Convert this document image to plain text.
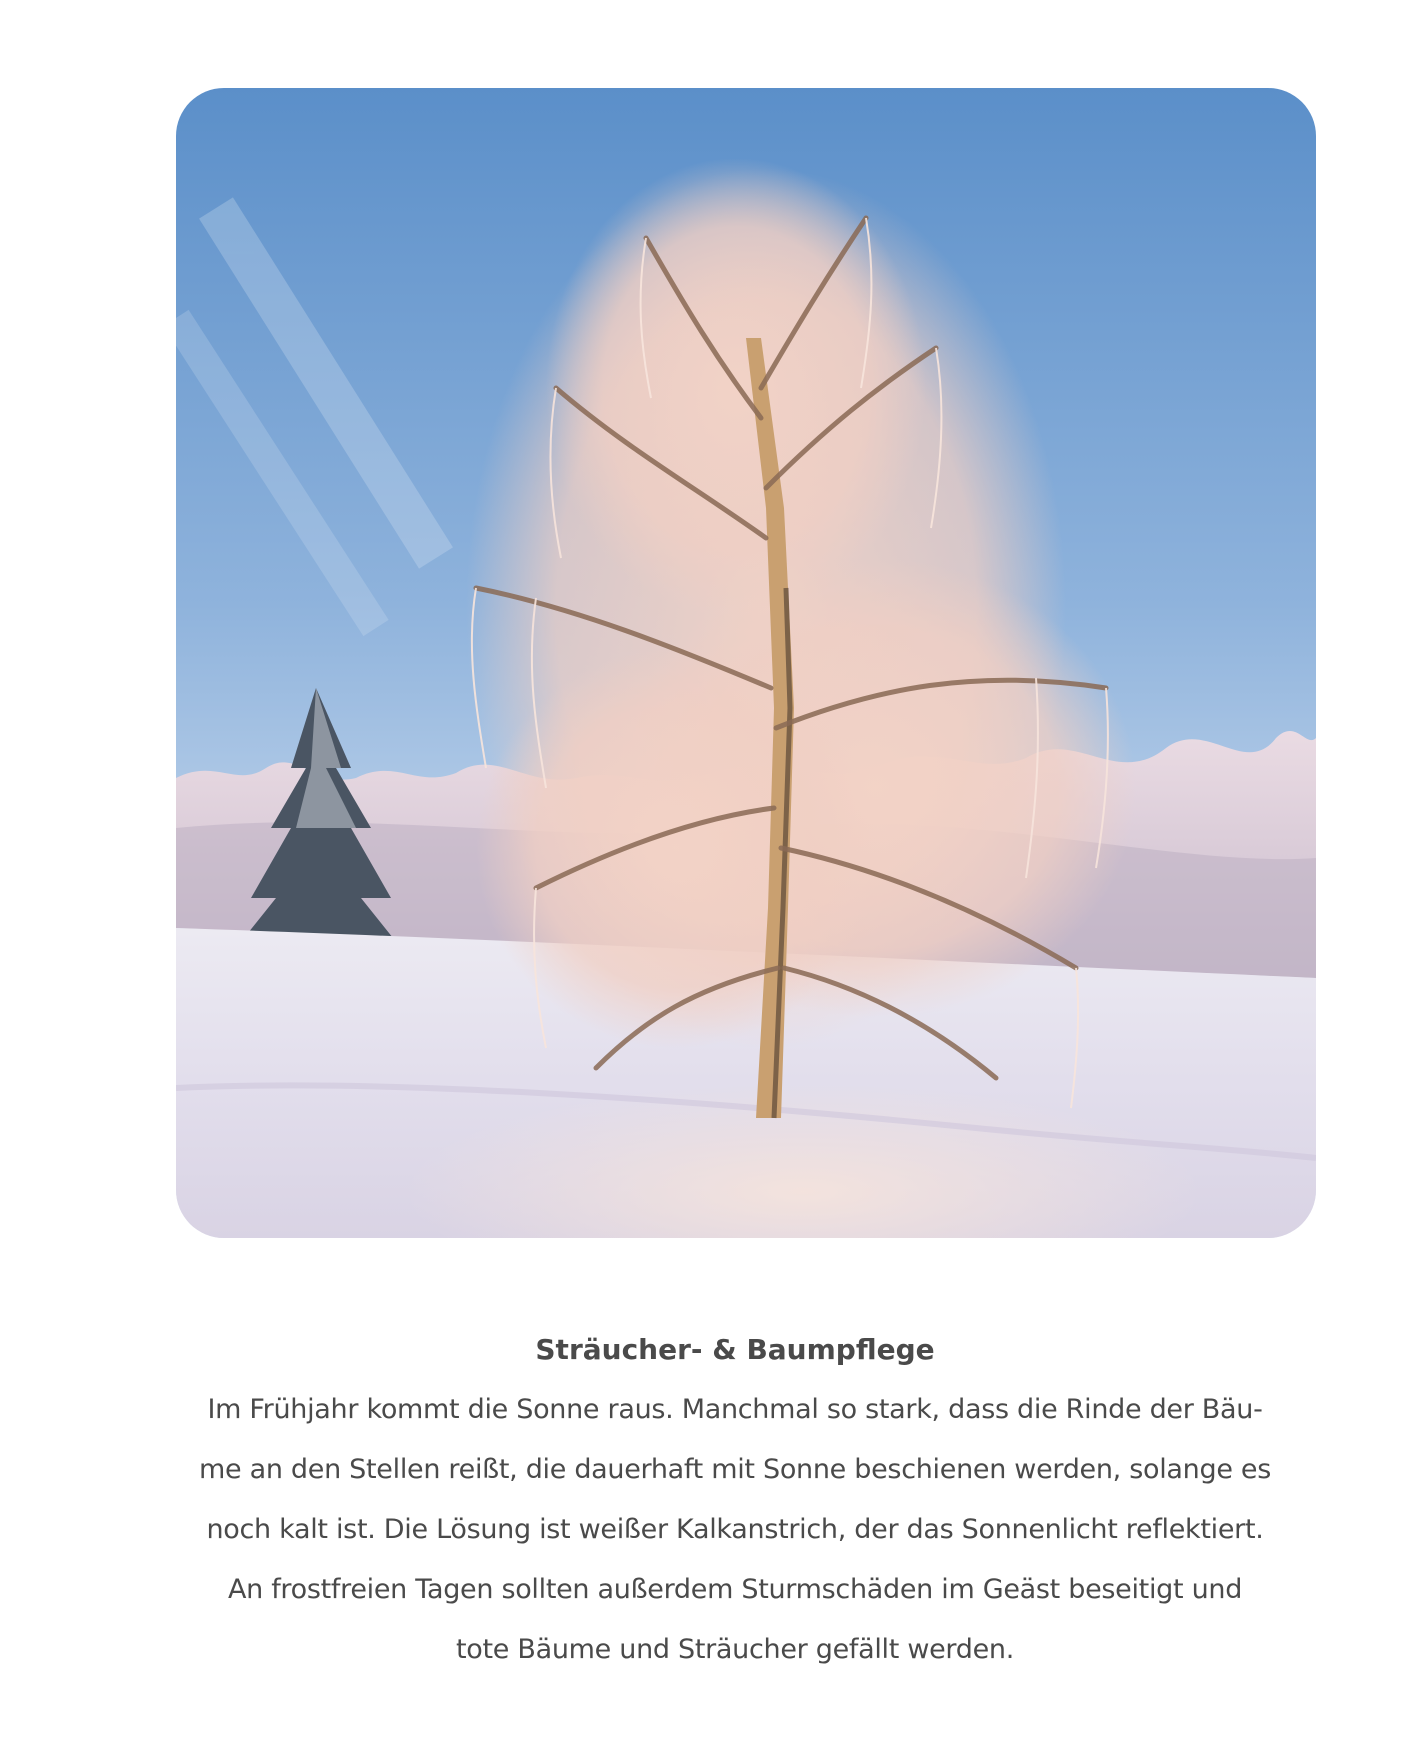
Sträucher- & Baumpflege

Im Frühjahr kommt die Sonne raus. Manchmal so stark, dass die Rinde der Bäu-

me an den Stellen reißt, die dauerhaft mit Sonne beschienen werden, solange es

noch kalt ist. Die Lösung ist weißer Kalkanstrich, der das Sonnenlicht reflektiert.

An frostfreien Tagen sollten außerdem Sturmschäden im Geäst beseitigt und

tote Bäume und Sträucher gefällt werden.
